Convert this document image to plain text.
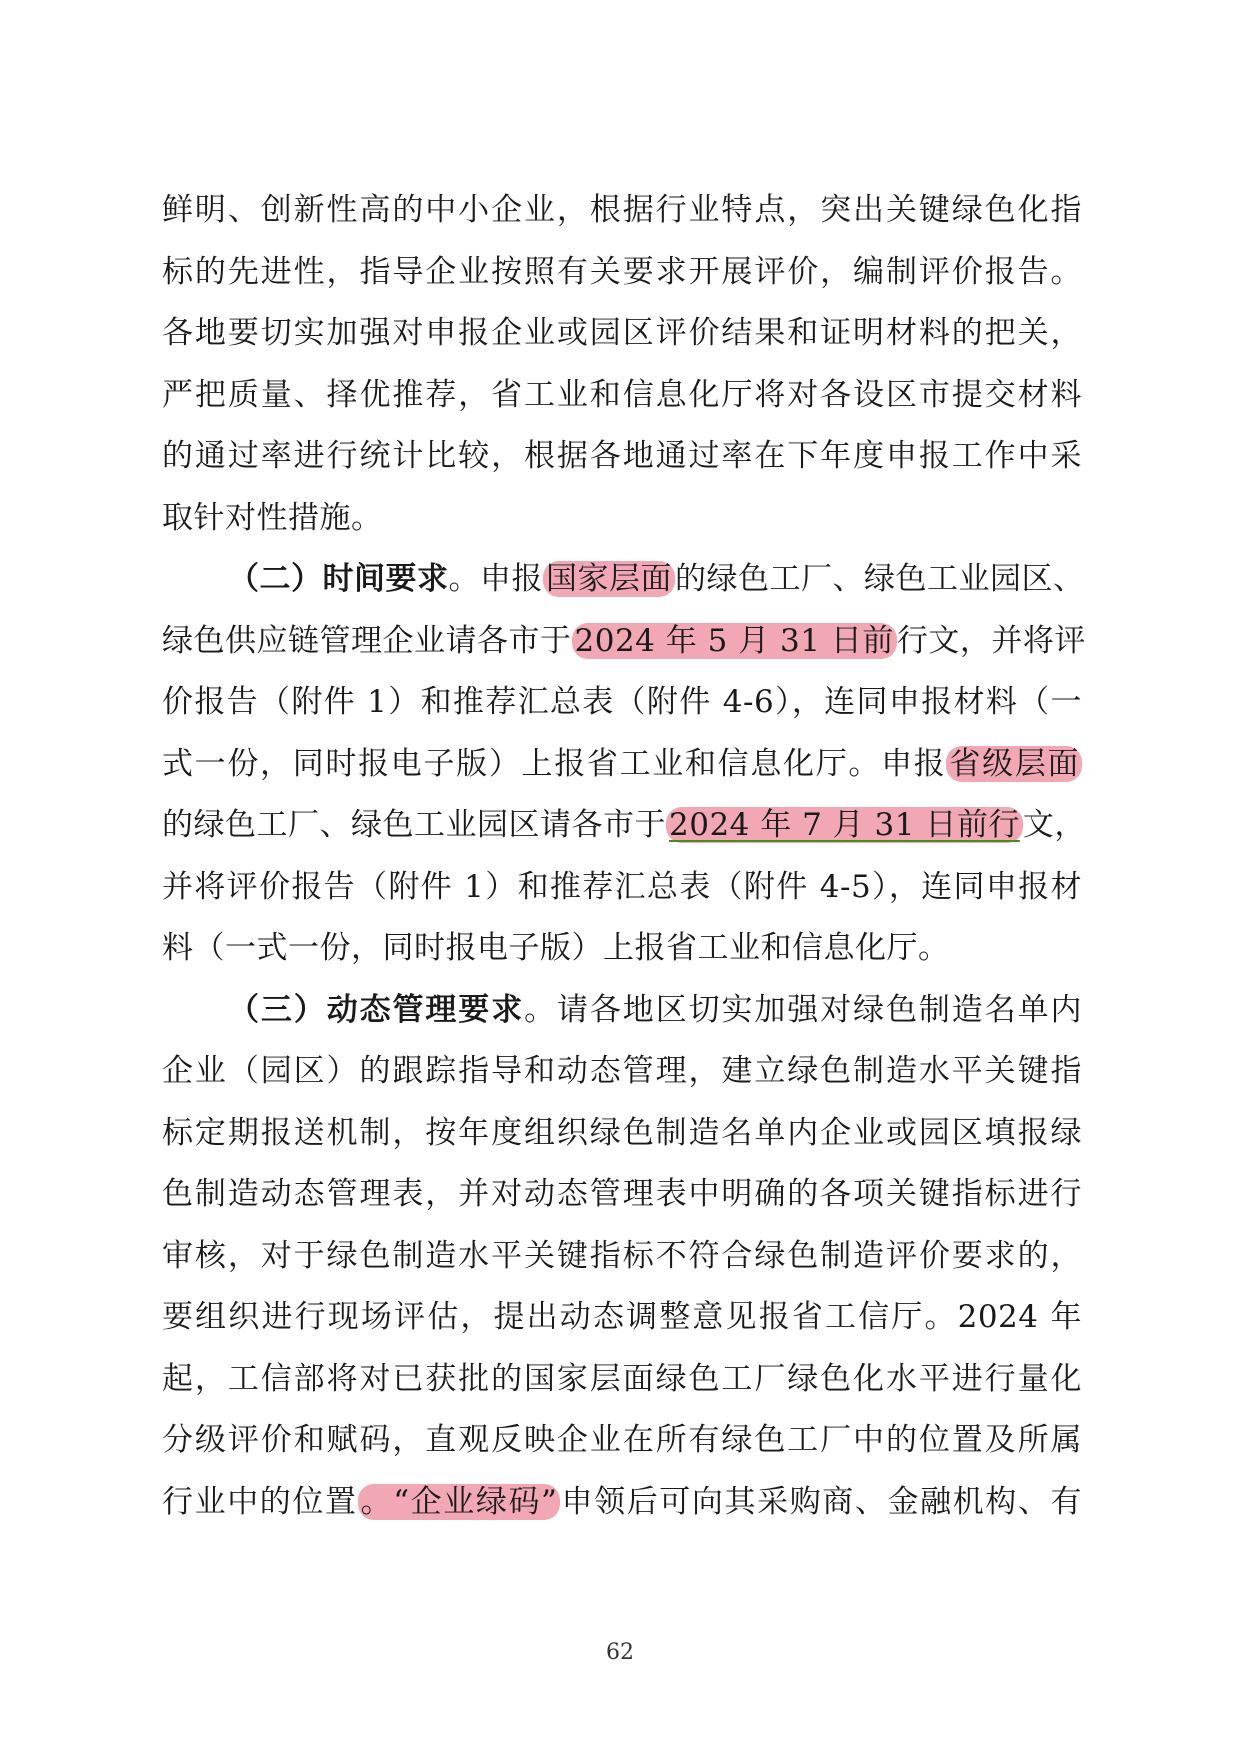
鲜明、创新性高的中小企业，根据行业特点，突出关键绿色化指
标的先进性，指导企业按照有关要求开展评价，编制评价报告。
各地要切实加强对申报企业或园区评价结果和证明材料的把关，
严把质量、择优推荐，省工业和信息化厅将对各设区市提交材料
的通过率进行统计比较，根据各地通过率在下年度申报工作中采
取针对性措施。
（二）时间要求。申报国家层面的绿色工厂、绿色工业园区、
绿色供应链管理企业请各市于2024 年 5 月 31 日前行文，并将评
价报告（附件 1）和推荐汇总表（附件 4-6），连同申报材料（一
式一份，同时报电子版）上报省工业和信息化厅。申报省级层面
的绿色工厂、绿色工业园区请各市于2024 年 7 月 31 日前行文，
并将评价报告（附件 1）和推荐汇总表（附件 4-5），连同申报材
料（一式一份，同时报电子版）上报省工业和信息化厅。
（三）动态管理要求。请各地区切实加强对绿色制造名单内
企业（园区）的跟踪指导和动态管理，建立绿色制造水平关键指
标定期报送机制，按年度组织绿色制造名单内企业或园区填报绿
色制造动态管理表，并对动态管理表中明确的各项关键指标进行
审核，对于绿色制造水平关键指标不符合绿色制造评价要求的，
要组织进行现场评估，提出动态调整意见报省工信厅。2024 年
起，工信部将对已获批的国家层面绿色工厂绿色化水平进行量化
分级评价和赋码，直观反映企业在所有绿色工厂中的位置及所属
行业中的位置。“企业绿码”申领后可向其采购商、金融机构、有
62
